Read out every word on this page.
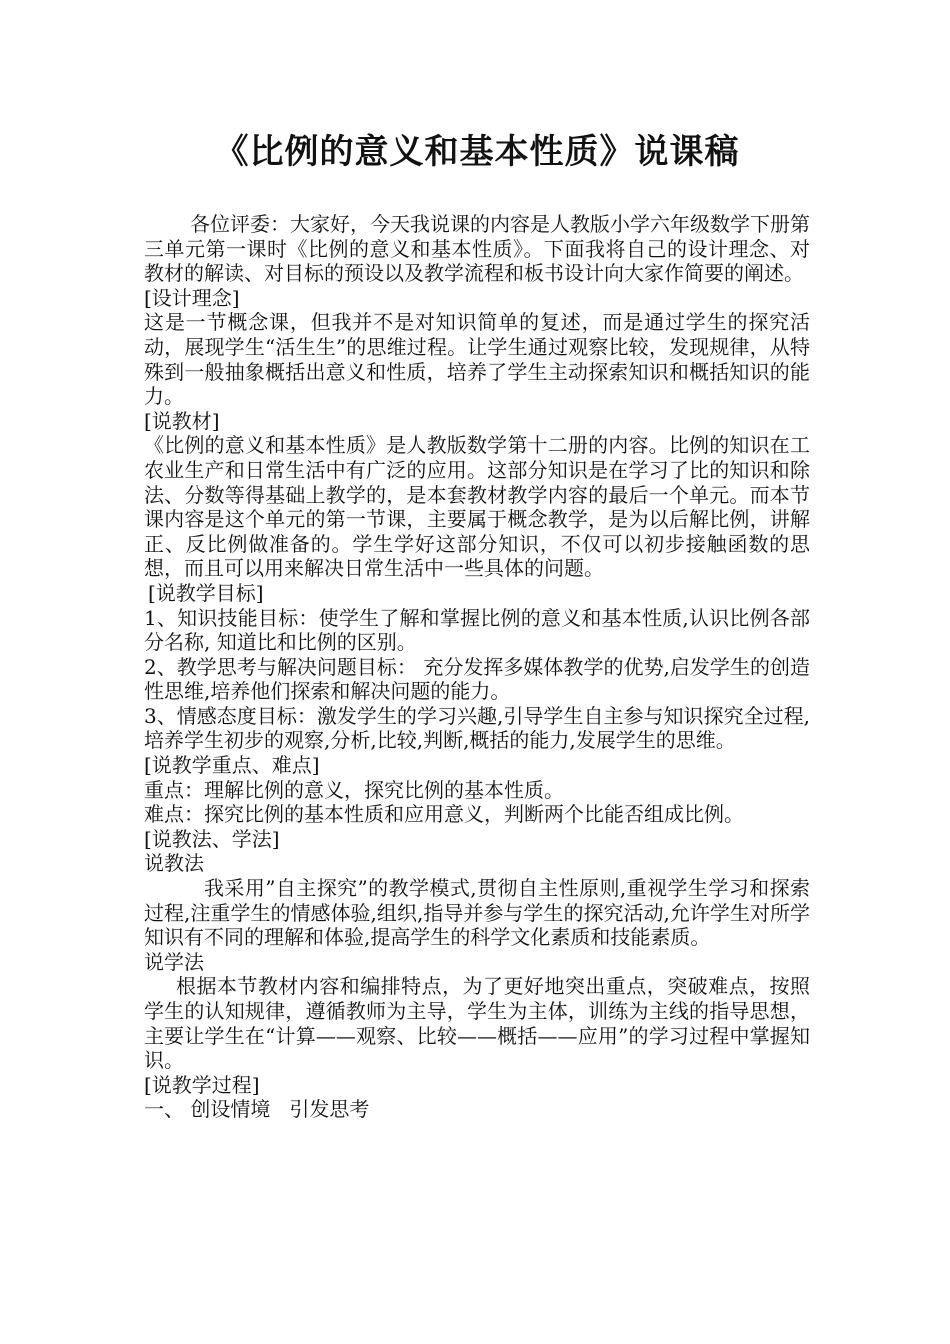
《比例的意义和基本性质》说课稿

各位评委：大家好，今天我说课的内容是人教版小学六年级数学下册第三单元第一课时《比例的意义和基本性质》。下面我将自己的设计理念、对教材的解读、对目标的预设以及教学流程和板书设计向大家作简要的阐述。

[设计理念]

这是一节概念课，但我并不是对知识简单的复述，而是通过学生的探究活动，展现学生“活生生”的思维过程。让学生通过观察比较，发现规律，从特殊到一般抽象概括出意义和性质，培养了学生主动探索知识和概括知识的能力。

[说教材]

《比例的意义和基本性质》是人教版数学第十二册的内容。比例的知识在工农业生产和日常生活中有广泛的应用。这部分知识是在学习了比的知识和除法、分数等得基础上教学的，是本套教材教学内容的最后一个单元。而本节课内容是这个单元的第一节课，主要属于概念教学，是为以后解比例，讲解正、反比例做准备的。学生学好这部分知识，不仅可以初步接触函数的思想，而且可以用来解决日常生活中一些具体的问题。

[说教学目标]

1、知识技能目标：使学生了解和掌握比例的意义和基本性质,认识比例各部分名称, 知道比和比例的区别。

2、教学思考与解决问题目标： 充分发挥多媒体教学的优势,启发学生的创造性思维,培养他们探索和解决问题的能力。

3、情感态度目标：激发学生的学习兴趣,引导学生自主参与知识探究全过程,培养学生初步的观察,分析,比较,判断,概括的能力,发展学生的思维。

[说教学重点、难点]

重点：理解比例的意义，探究比例的基本性质。

难点：探究比例的基本性质和应用意义，判断两个比能否组成比例。

[说教法、学法]

说教法

我采用”自主探究”的教学模式,贯彻自主性原则,重视学生学习和探索过程,注重学生的情感体验,组织,指导并参与学生的探究活动,允许学生对所学知识有不同的理解和体验,提高学生的科学文化素质和技能素质。

说学法

根据本节教材内容和编排特点，为了更好地突出重点，突破难点，按照学生的认知规律，遵循教师为主导，学生为主体，训练为主线的指导思想，主要让学生在“计算——观察、比较——概括——应用”的学习过程中掌握知识。

[说教学过程]

一、 创设情境   引发思考
